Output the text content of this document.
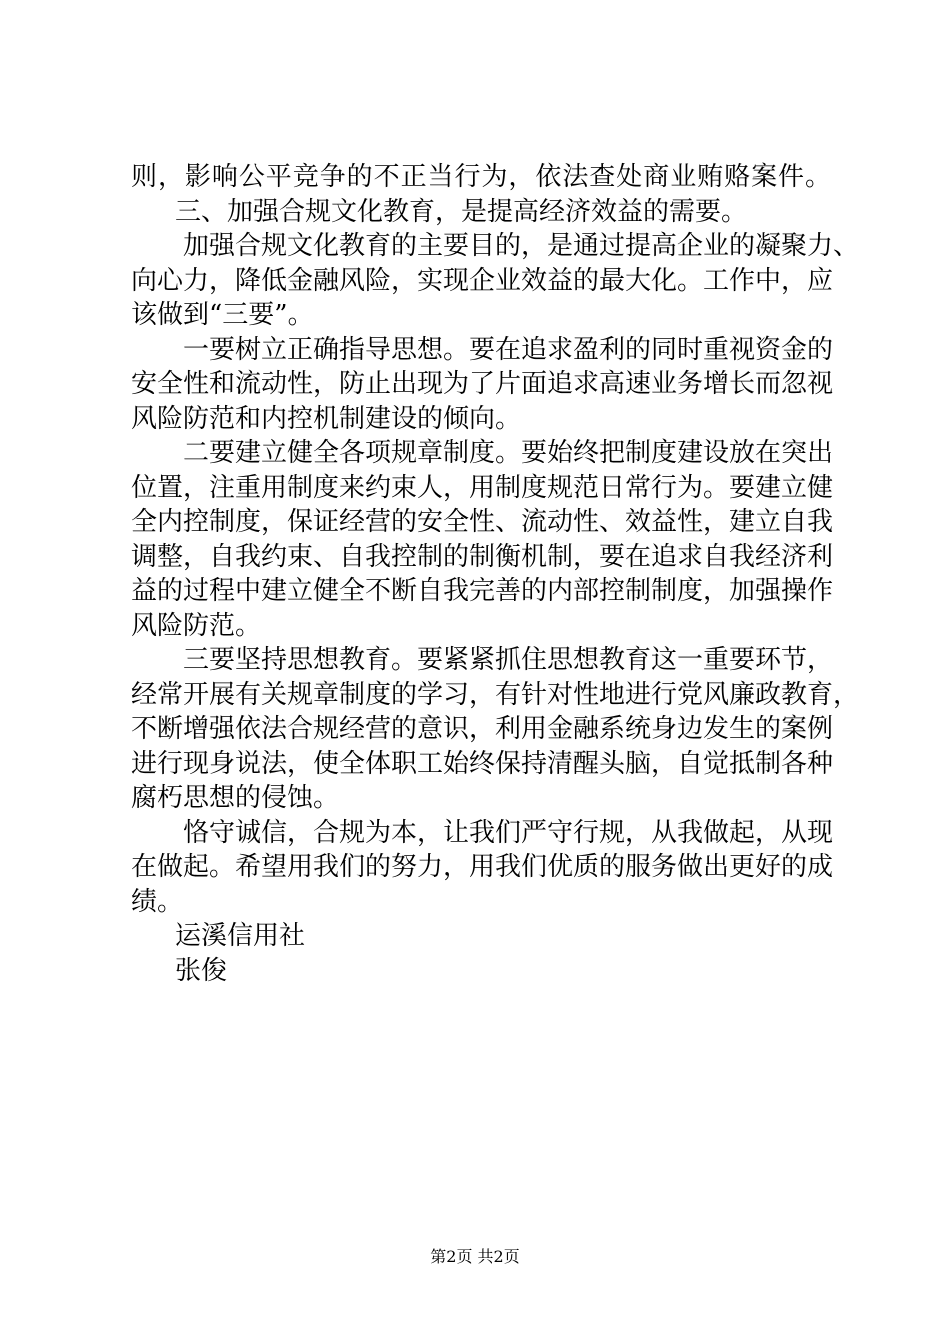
则，影响公平竞争的不正当行为，依法查处商业贿赂案件。
三、加强合规文化教育，是提高经济效益的需要。
加强合规文化教育的主要目的，是通过提高企业的凝聚力、
向心力，降低金融风险，实现企业效益的最大化。工作中，应
该做到“三要”。
一要树立正确指导思想。要在追求盈利的同时重视资金的
安全性和流动性，防止出现为了片面追求高速业务增长而忽视
风险防范和内控机制建设的倾向。
二要建立健全各项规章制度。要始终把制度建设放在突出
位置，注重用制度来约束人，用制度规范日常行为。要建立健
全内控制度，保证经营的安全性、流动性、效益性，建立自我
调整，自我约束、自我控制的制衡机制，要在追求自我经济利
益的过程中建立健全不断自我完善的内部控制制度，加强操作
风险防范。
三要坚持思想教育。要紧紧抓住思想教育这一重要环节，
经常开展有关规章制度的学习，有针对性地进行党风廉政教育，
不断增强依法合规经营的意识，利用金融系统身边发生的案例
进行现身说法，使全体职工始终保持清醒头脑，自觉抵制各种
腐朽思想的侵蚀。
恪守诚信，合规为本，让我们严守行规，从我做起，从现
在做起。希望用我们的努力，用我们优质的服务做出更好的成
绩。
运溪信用社
张俊
第2页 共2页
